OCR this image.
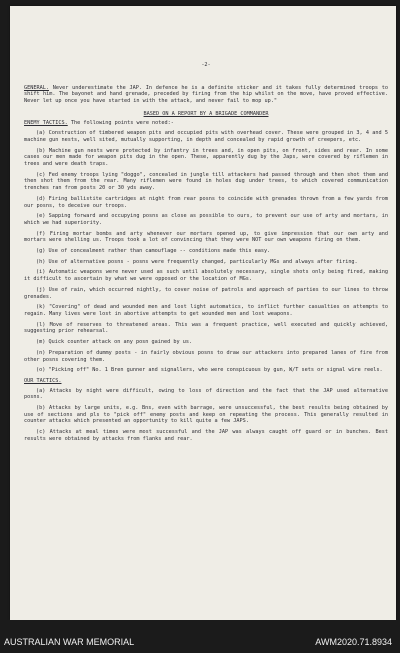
-2-

GENERAL. Never underestimate the JAP. In defence he is a definite sticker and it takes fully determined troops to shift him. The bayonet and hand grenade, preceded by firing from the hip whilst on the move, have proved effective. Never let up once you have started in with the attack, and never fail to mop up."

BASED ON A REPORT BY A BRIGADE COMMANDER

ENEMY TACTICS. The following points were noted:-

(a) Construction of timbered weapon pits and occupied pits with overhead cover. These were grouped in 3, 4 and 5 machine gun nests, well sited, mutually supporting, in depth and concealed by rapid growth of creepers, etc.

(b) Machine gun nests were protected by infantry in trees and, in open pits, on front, sides and rear. In some cases our men made for weapon pits dug in the open. These, apparently dug by the Japs, were covered by riflemen in trees and were death traps.

(c) Fed enemy troops lying "doggo", concealed in jungle till attackers had passed through and then shot them and then shot them from the rear. Many riflemen were found in holes dug under trees, to which covered communication trenches ran from posts 20 or 30 yds away.

(d) Firing ballistite cartridges at night from rear posns to coincide with grenades thrown from a few yards from our posns, to deceive our troops.

(e) Sapping forward and occupying posns as close as possible to ours, to prevent our use of arty and mortars, in which we had superiority.

(f) Firing mortar bombs and arty whenever our mortars opened up, to give impression that our own arty and mortars were shelling us. Troops took a lot of convincing that they were NOT our own weapons firing on them.

(g) Use of concealment rather than camouflage -- conditions made this easy.

(h) Use of alternative posns - posns were frequently changed, particularly MGs and always after firing.

(i) Automatic weapons were never used as such until absolutely necessary, single shots only being fired, making it difficult to ascertain by what we were opposed or the location of MGs.

(j) Use of rain, which occurred nightly, to cover noise of patrols and approach of parties to our lines to throw grenades.

(k) "Covering" of dead and wounded men and lost light automatics, to inflict further casualties on attempts to regain. Many lives were lost in abortive attempts to get wounded men and lost weapons.

(l) Move of reserves to threatened areas. This was a frequent practice, well executed and quickly achieved, suggesting prior rehearsal.

(m) Quick counter attack on any posn gained by us.

(n) Preparation of dummy posts - in fairly obvious posns to draw our attackers into prepared lanes of fire from other posns covering them.

(o) "Picking off" No. 1 Bren gunner and signallers, who were conspicuous by gun, W/T sets or signal wire reels.

OUR TACTICS.

(a) Attacks by night were difficult, owing to loss of direction and the fact that the JAP used alternative posns.

(b) Attacks by large units, e.g. Bns, even with barrage, were unsuccessful, the best results being obtained by use of sections and pls to "pick off" enemy posts and keep on repeating the process. This generally resulted in counter attacks which presented an opportunity to kill quite a few JAPS.

(c) Attacks at meal times were most successful and the JAP was always caught off guard or in bunches. Best results were obtained by attacks from flanks and rear.

AUSTRALIAN WAR MEMORIAL	AWM2020.71.8934
